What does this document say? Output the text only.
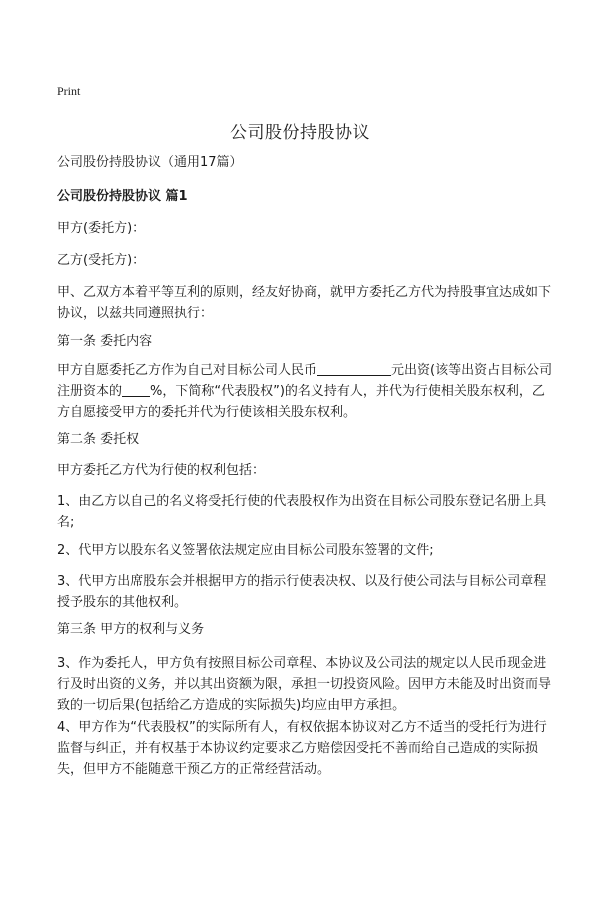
Print
公司股份持股协议

公司股份持股协议（通用17篇）

公司股份持股协议 篇1

甲方(委托方)：

乙方(受托方)：

甲、乙双方本着平等互利的原则，经友好协商，就甲方委托乙方代为持股事宜达成如下协议，以兹共同遵照执行：

第一条 委托内容

甲方自愿委托乙方作为自己对目标公司人民币	元出资(该等出资占目标公司注册资本的 %，下简称“代表股权”)的名义持有人，并代为行使相关股东权利，乙方自愿接受甲方的委托并代为行使该相关股东权利。

第二条 委托权

甲方委托乙方代为行使的权利包括：

1、由乙方以自己的名义将受托行使的代表股权作为出资在目标公司股东登记名册上具名;

2、代甲方以股东名义签署依法规定应由目标公司股东签署的文件;

3、代甲方出席股东会并根据甲方的指示行使表决权、以及行使公司法与目标公司章程授予股东的其他权利。

第三条 甲方的权利与义务

3、作为委托人，甲方负有按照目标公司章程、本协议及公司法的规定以人民币现金进行及时出资的义务，并以其出资额为限，承担一切投资风险。因甲方未能及时出资而导致的一切后果(包括给乙方造成的实际损失)均应由甲方承担。

4、甲方作为“代表股权”的实际所有人，有权依据本协议对乙方不适当的受托行为进行监督与纠正，并有权基于本协议约定要求乙方赔偿因受托不善而给自己造成的实际损失，但甲方不能随意干预乙方的正常经营活动。
